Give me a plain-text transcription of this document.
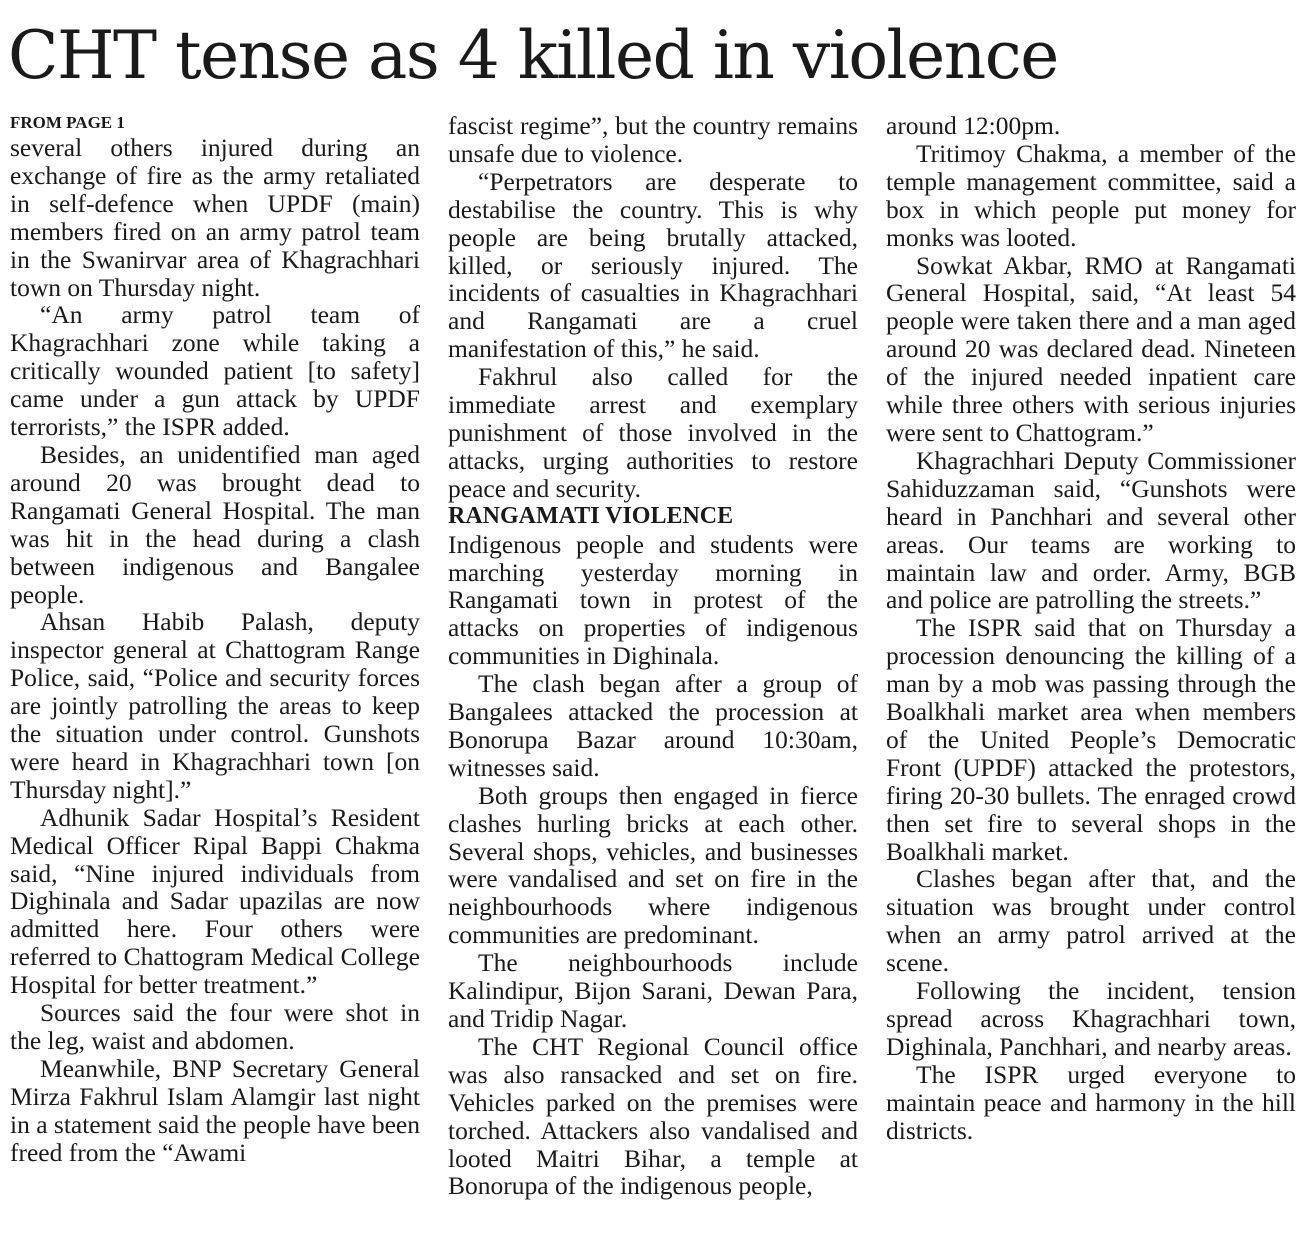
CHT tense as 4 killed in violence
FROM PAGE 1

several others injured during an exchange of fire as the army retaliated in self-defence when UPDF (main) members fired on an army patrol team in the Swanirvar area of Khagrachhari town on Thursday night.

“An army patrol team of Khagrachhari zone while taking a critically wounded patient [to safety] came under a gun attack by UPDF terrorists,” the ISPR added.

Besides, an unidentified man aged around 20 was brought dead to Rangamati General Hospital. The man was hit in the head during a clash between indigenous and Bangalee people.

Ahsan Habib Palash, deputy inspector general at Chattogram Range Police, said, “Police and security forces are jointly patrolling the areas to keep the situation under control. Gunshots were heard in Khagrachhari town [on Thursday night].”

Adhunik Sadar Hospital’s Resident Medical Officer Ripal Bappi Chakma said, “Nine injured individuals from Dighinala and Sadar upazilas are now admitted here. Four others were referred to Chattogram Medical College Hospital for better treatment.”

Sources said the four were shot in the leg, waist and abdomen.

Meanwhile, BNP Secretary General Mirza Fakhrul Islam Alamgir last night in a statement said the people have been freed from the “Awami

fascist regime”, but the country remains unsafe due to violence.

“Perpetrators are desperate to destabilise the country. This is why people are being brutally attacked, killed, or seriously injured. The incidents of casualties in Khagrachhari and Rangamati are a cruel manifestation of this,” he said.

Fakhrul also called for the immediate arrest and exemplary punishment of those involved in the attacks, urging authorities to restore peace and security.

RANGAMATI VIOLENCE

Indigenous people and students were marching yesterday morning in Rangamati town in protest of the attacks on properties of indigenous communities in Dighinala.

The clash began after a group of Bangalees attacked the procession at Bonorupa Bazar around 10:30am, witnesses said.

Both groups then engaged in fierce clashes hurling bricks at each other. Several shops, vehicles, and businesses were vandalised and set on fire in the neighbourhoods where indigenous communities are predominant.

The neighbourhoods include Kalindipur, Bijon Sarani, Dewan Para, and Tridip Nagar.

The CHT Regional Council office was also ransacked and set on fire. Vehicles parked on the premises were torched. Attackers also vandalised and looted Maitri Bihar, a temple at Bonorupa of the indigenous people,

around 12:00pm.

Tritimoy Chakma, a member of the temple management committee, said a box in which people put money for monks was looted.

Sowkat Akbar, RMO at Rangamati General Hospital, said, “At least 54 people were taken there and a man aged around 20 was declared dead. Nineteen of the injured needed inpatient care while three others with serious injuries were sent to Chattogram.”

Khagrachhari Deputy Commissioner Sahiduzzaman said, “Gunshots were heard in Panchhari and several other areas. Our teams are working to maintain law and order. Army, BGB and police are patrolling the streets.”

The ISPR said that on Thursday a procession denouncing the killing of a man by a mob was passing through the Boalkhali market area when members of the United People’s Democratic Front (UPDF) attacked the protestors, firing 20-30 bullets. The enraged crowd then set fire to several shops in the Boalkhali market.

Clashes began after that, and the situation was brought under control when an army patrol arrived at the scene.

Following the incident, tension spread across Khagrachhari town, Dighinala, Panchhari, and nearby areas.

The ISPR urged everyone to maintain peace and harmony in the hill districts.
